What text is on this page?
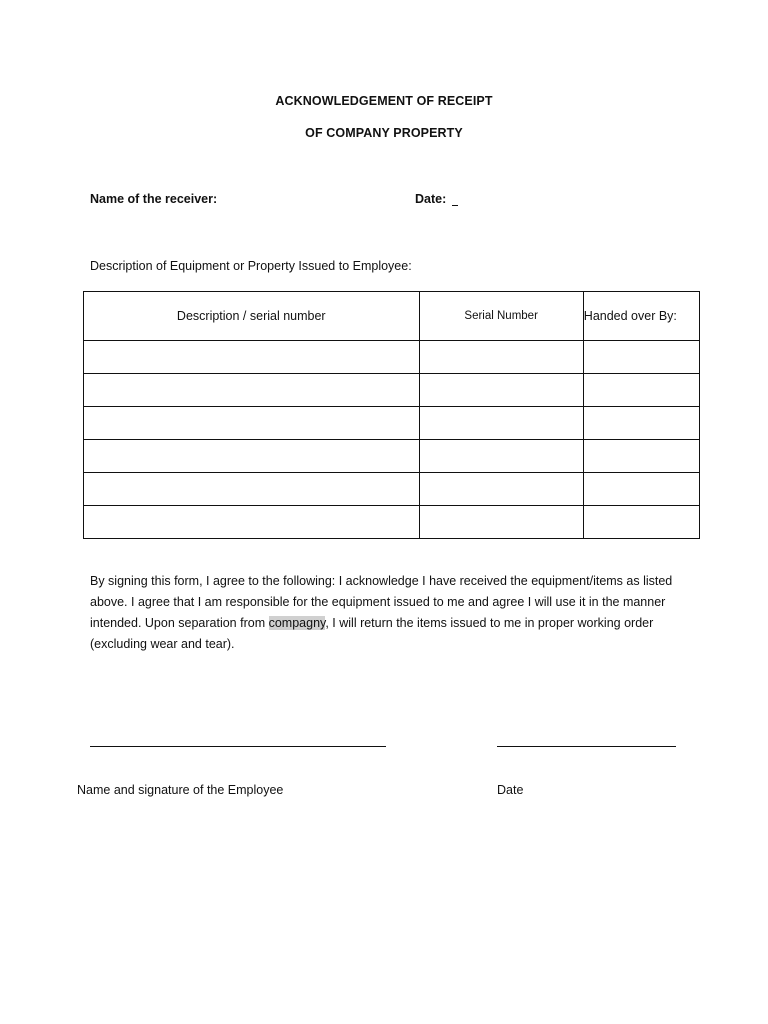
ACKNOWLEDGEMENT OF RECEIPT
OF COMPANY PROPERTY
Name of the receiver:	Date:
Description of Equipment or Property Issued to Employee:
Description / serial number	Serial Number	Handed over By:

By signing this form, I agree to the following: I acknowledge I have received the equipment/items as listed above. I agree that I am responsible for the equipment issued to me and agree I will use it in the manner intended. Upon separation from compagny, I will return the items issued to me in proper working order (excluding wear and tear).
Name and signature of the Employee	Date
